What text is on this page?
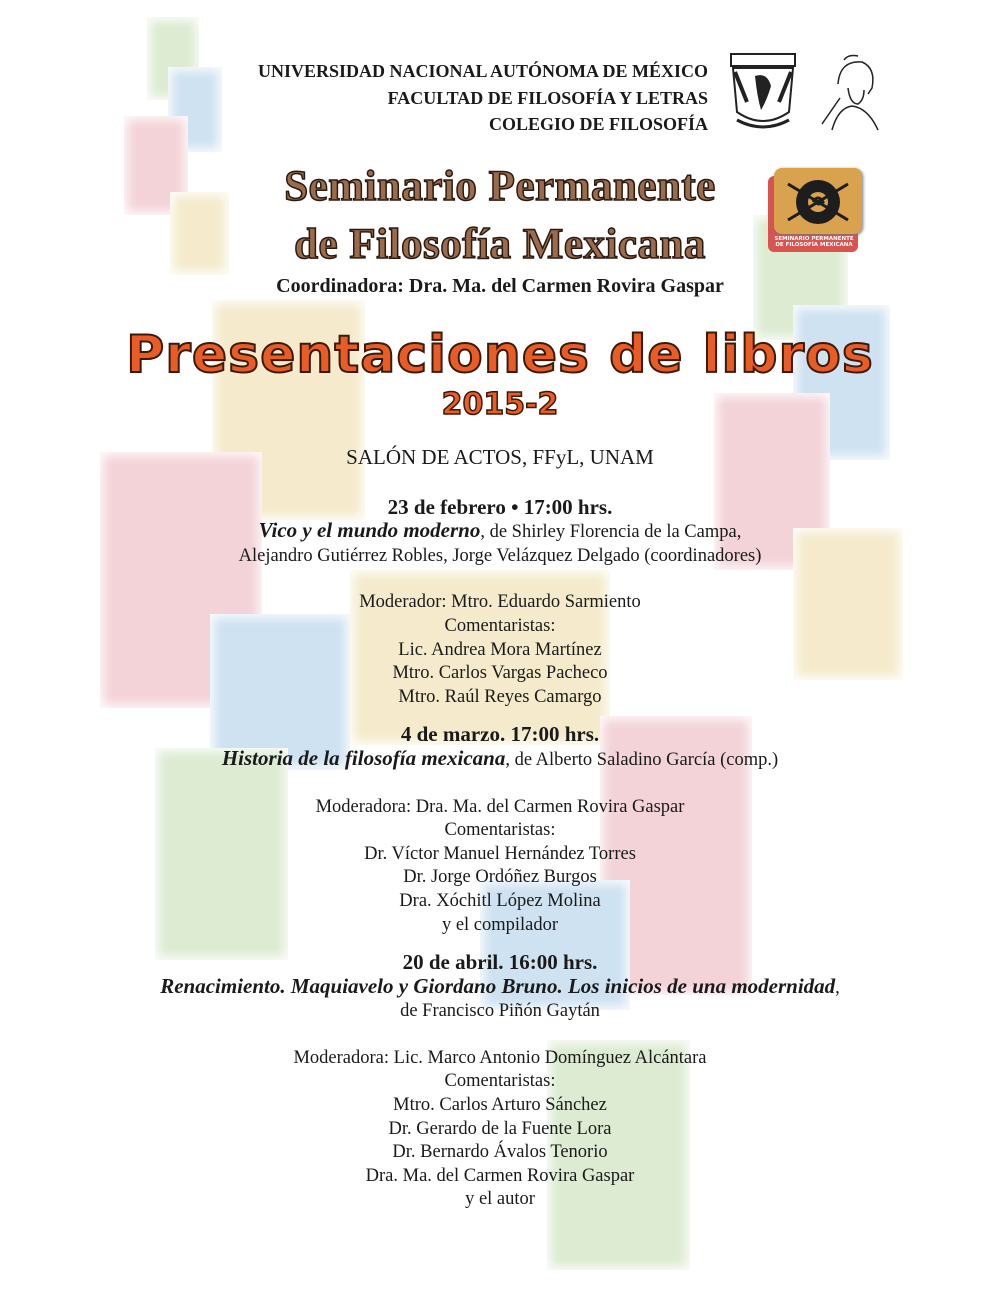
UNIVERSIDAD NACIONAL AUTÓNOMA DE MÉXICO
FACULTAD DE FILOSOFÍA Y LETRAS
COLEGIO DE FILOSOFÍA
SEMINARIO PERMANENTE DE FILOSOFÍA MEXICANA
Seminario Permanente
de Filosofía Mexicana
Coordinadora: Dra. Ma. del Carmen Rovira Gaspar
Presentaciones de libros
2015-2
SALÓN DE ACTOS, FFyL, UNAM
23 de febrero • 17:00 hrs.
Vico y el mundo moderno, de Shirley Florencia de la Campa,
Alejandro Gutiérrez Robles, Jorge Velázquez Delgado (coordinadores)
Moderador: Mtro. Eduardo Sarmiento
Comentaristas:
Lic. Andrea Mora Martínez
Mtro. Carlos Vargas Pacheco
Mtro. Raúl Reyes Camargo
4 de marzo. 17:00 hrs.
Historia de la filosofía mexicana, de Alberto Saladino García (comp.)
Moderadora: Dra. Ma. del Carmen Rovira Gaspar
Comentaristas:
Dr. Víctor Manuel Hernández Torres
Dr. Jorge Ordóñez Burgos
Dra. Xóchitl López Molina
y el compilador
20 de abril. 16:00 hrs.
Renacimiento. Maquiavelo y Giordano Bruno. Los inicios de una modernidad,
de Francisco Piñón Gaytán
Moderadora: Lic. Marco Antonio Domínguez Alcántara
Comentaristas:
Mtro. Carlos Arturo Sánchez
Dr. Gerardo de la Fuente Lora
Dr. Bernardo Ávalos Tenorio
Dra. Ma. del Carmen Rovira Gaspar
y el autor
